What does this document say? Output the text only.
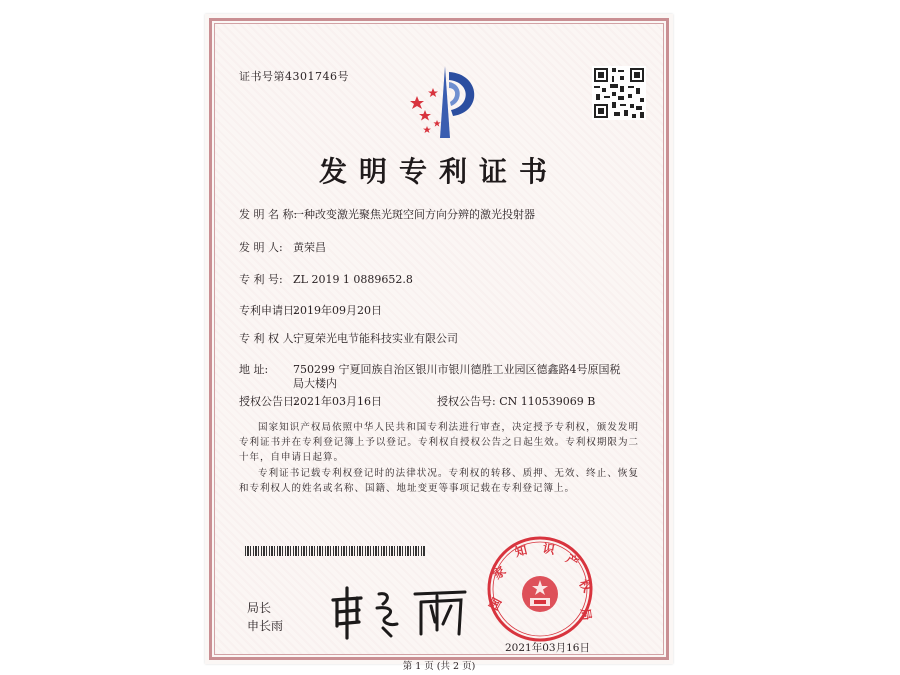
证书号第4301746号
发明专利证书
发 明 名 称:一种改变激光聚焦光斑空间方向分辨的激光投射器
发 明 人: 黄荣昌
专 利 号: ZL 2019 1 0889652.8
专利申请日:2019年09月20日
专 利 权 人:宁夏荣光电节能科技实业有限公司
地 址: 750299 宁夏回族自治区银川市银川德胜工业园区德鑫路4号原国税局大楼内
授权公告日:2021年03月16日	授权公告号: CN 110539069 B
国家知识产权局依照中华人民共和国专利法进行审查，决定授予专利权，颁发发明专利证书并在专利登记簿上予以登记。专利权自授权公告之日起生效。专利权期限为二十年，自申请日起算。
专利证书记载专利权登记时的法律状况。专利权的转移、质押、无效、终止、恢复和专利权人的姓名或名称、国籍、地址变更等事项记载在专利登记簿上。
局长
申长雨
国
家
知 识
产
权
局
2021年03月16日
第 1 页 (共 2 页)
